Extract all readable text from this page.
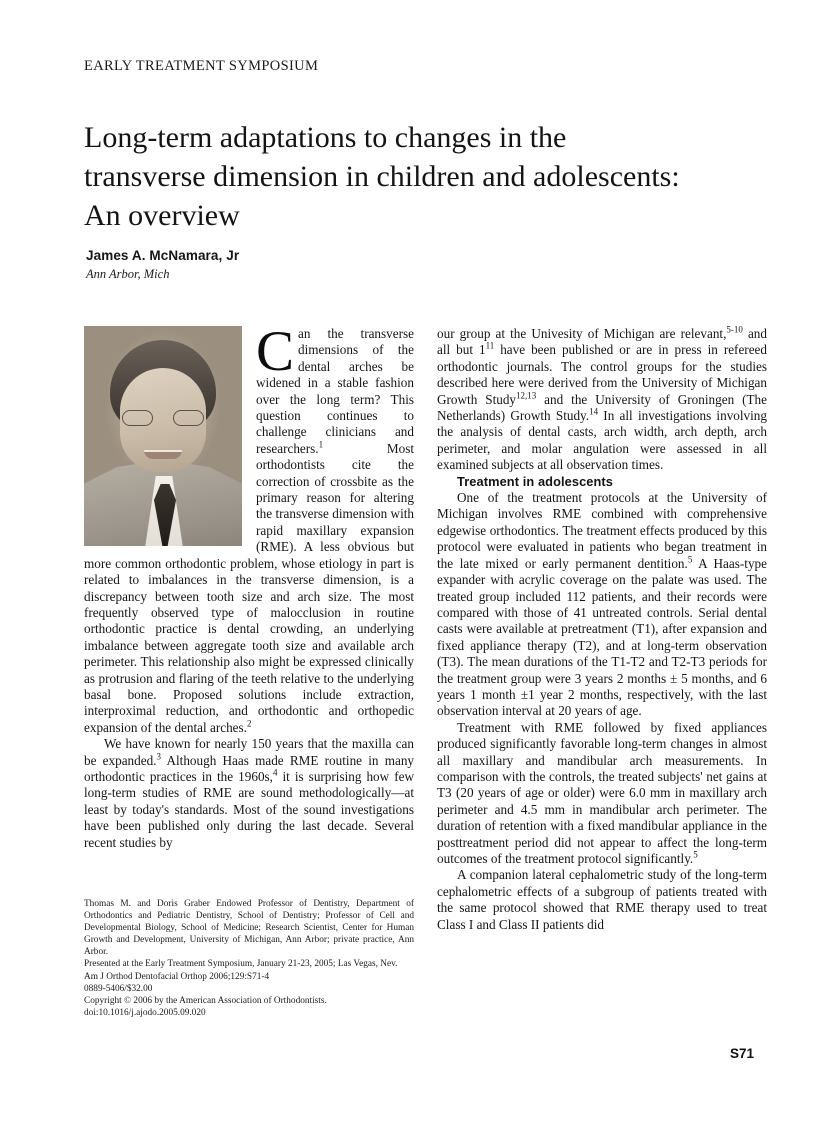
EARLY TREATMENT SYMPOSIUM
Long-term adaptations to changes in the transverse dimension in children and adolescents: An overview
James A. McNamara, Jr
Ann Arbor, Mich

Can the transverse dimensions of the dental arches be widened in a stable fashion over the long term? This question continues to challenge clinicians and researchers.$^1$ Most orthodontists cite the correction of crossbite as the primary reason for altering the transverse dimension with rapid maxillary expansion (RME). A less obvious but more common orthodontic problem, whose etiology in part is related to imbalances in the transverse dimension, is a discrepancy between tooth size and arch size. The most frequently observed type of malocclusion in routine orthodontic practice is dental crowding, an underlying imbalance between aggregate tooth size and available arch perimeter. This relationship also might be expressed clinically as protrusion and flaring of the teeth relative to the underlying basal bone. Proposed solutions include extraction, interproximal reduction, and orthodontic and orthopedic expansion of the dental arches.$^2$

We have known for nearly 150 years that the maxilla can be expanded.$^3$ Although Haas made RME routine in many orthodontic practices in the 1960s,$^4$ it is surprising how few long-term studies of RME are sound methodologically—at least by today's standards. Most of the sound investigations have been published only during the last decade. Several recent studies by

our group at the Univesity of Michigan are relevant,$^{5-10}$ and all but $1^{11}$ have been published or are in press in refereed orthodontic journals. The control groups for the studies described here were derived from the University of Michigan Growth Study$^{12,13}$ and the University of Groningen (The Netherlands) Growth Study.$^{14}$ In all investigations involving the analysis of dental casts, arch width, arch depth, arch perimeter, and molar angulation were assessed in all examined subjects at all observation times.

Treatment in adolescents

One of the treatment protocols at the University of Michigan involves RME combined with comprehensive edgewise orthodontics. The treatment effects produced by this protocol were evaluated in patients who began treatment in the late mixed or early permanent dentition.$^5$ A Haas-type expander with acrylic coverage on the palate was used. The treated group included 112 patients, and their records were compared with those of 41 untreated controls. Serial dental casts were available at pretreatment (T1), after expansion and fixed appliance therapy (T2), and at long-term observation (T3). The mean durations of the T1-T2 and T2-T3 periods for the treatment group were 3 years 2 months ± 5 months, and 6 years 1 month ±1 year 2 months, respectively, with the last observation interval at 20 years of age.

Treatment with RME followed by fixed appliances produced significantly favorable long-term changes in almost all maxillary and mandibular arch measurements. In comparison with the controls, the treated subjects' net gains at T3 (20 years of age or older) were 6.0 mm in maxillary arch perimeter and 4.5 mm in mandibular arch perimeter. The duration of retention with a fixed mandibular appliance in the posttreatment period did not appear to affect the long-term outcomes of the treatment protocol significantly.$^5$

A companion lateral cephalometric study of the long-term cephalometric effects of a subgroup of patients treated with the same protocol showed that RME therapy used to treat Class I and Class II patients did

Thomas M. and Doris Graber Endowed Professor of Dentistry, Department of Orthodontics and Pediatric Dentistry, School of Dentistry; Professor of Cell and Developmental Biology, School of Medicine; Research Scientist, Center for Human Growth and Development, University of Michigan, Ann Arbor; private practice, Ann Arbor.

Presented at the Early Treatment Symposium, January 21-23, 2005; Las Vegas, Nev.

Am J Orthod Dentofacial Orthop 2006;129:S71-4

0889-5406/$32.00

Copyright © 2006 by the American Association of Orthodontists.

doi:10.1016/j.ajodo.2005.09.020

S71
